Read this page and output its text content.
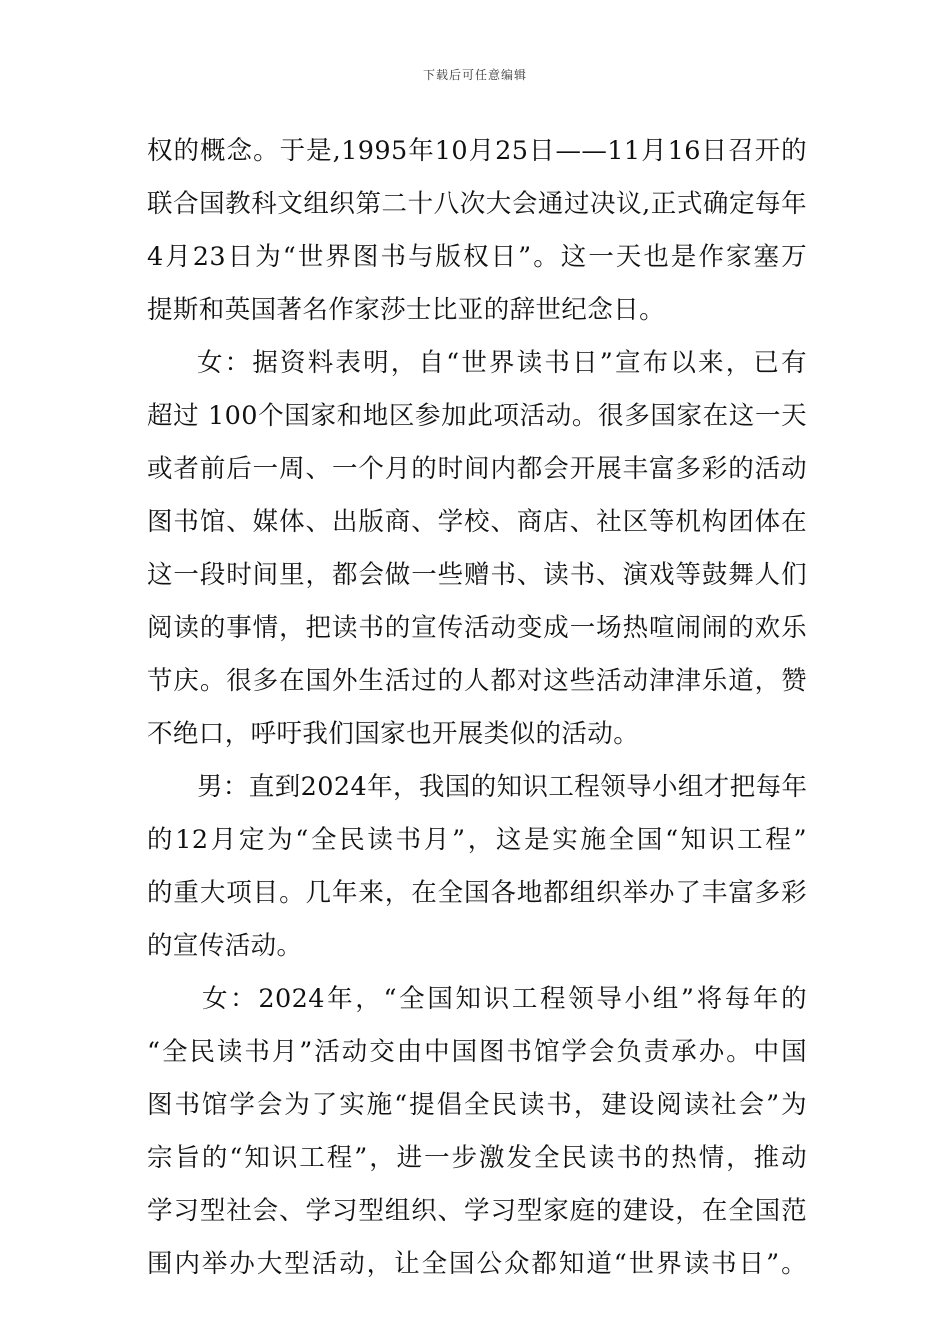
下载后可任意编辑
权的概念。于是,1995年10月25日——11月16日召开的
联合国教科文组织第二十八次大会通过决议,正式确定每年
4月23日为“世界图书与版权日”。这一天也是作家塞万
提斯和英国著名作家莎士比亚的辞世纪念日。
女：据资料表明，自“世界读书日”宣布以来，已有
超过 100个国家和地区参加此项活动。很多国家在这一天
或者前后一周、一个月的时间内都会开展丰富多彩的活动
图书馆、媒体、出版商、学校、商店、社区等机构团体在
这一段时间里，都会做一些赠书、读书、演戏等鼓舞人们
阅读的事情，把读书的宣传活动变成一场热喧闹闹的欢乐
节庆。很多在国外生活过的人都对这些活动津津乐道，赞
不绝口，呼吁我们国家也开展类似的活动。
男：直到2024年，我国的知识工程领导小组才把每年
的12月定为“全民读书月”，这是实施全国“知识工程”
的重大项目。几年来，在全国各地都组织举办了丰富多彩
的宣传活动。
女：2024年，“全国知识工程领导小组”将每年的
“全民读书月”活动交由中国图书馆学会负责承办。中国
图书馆学会为了实施“提倡全民读书，建设阅读社会”为
宗旨的“知识工程”，进一步激发全民读书的热情，推动
学习型社会、学习型组织、学习型家庭的建设，在全国范
围内举办大型活动，让全国公众都知道“世界读书日”。
